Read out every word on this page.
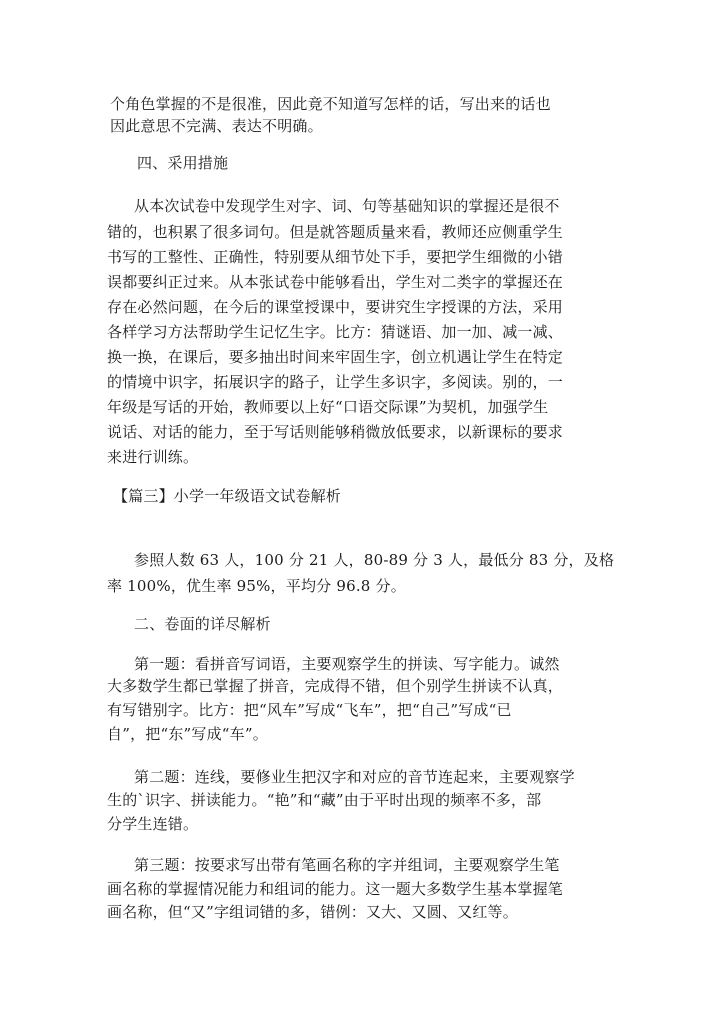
个角色掌握的不是很准，因此竟不知道写怎样的话，写出来的话也
因此意思不完满、表达不明确。
四、采用措施
从本次试卷中发现学生对字、词、句等基础知识的掌握还是很不
错的，也积累了很多词句。但是就答题质量来看，教师还应侧重学生
书写的工整性、正确性，特别要从细节处下手，要把学生细微的小错
误都要纠正过来。从本张试卷中能够看出，学生对二类字的掌握还在
存在必然问题，在今后的课堂授课中，要讲究生字授课的方法，采用
各样学习方法帮助学生记忆生字。比方：猜谜语、加一加、减一减、
换一换，在课后，要多抽出时间来牢固生字，创立机遇让学生在特定
的情境中识字，拓展识字的路子，让学生多识字，多阅读。别的，一
年级是写话的开始，教师要以上好“口语交际课”为契机，加强学生
说话、对话的能力，至于写话则能够稍微放低要求，以新课标的要求
来进行训练。
【篇三】小学一年级语文试卷解析
参照人数 63 人，100 分 21 人，80-89 分 3 人，最低分 83 分，及格
率 100%，优生率 95%，平均分 96.8 分。
二、卷面的详尽解析
第一题：看拼音写词语，主要观察学生的拼读、写字能力。诚然
大多数学生都已掌握了拼音，完成得不错，但个别学生拼读不认真，
有写错别字。比方：把“风车”写成“飞车”，把“自己”写成“已
自”，把“东”写成“车”。
第二题：连线，要修业生把汉字和对应的音节连起来，主要观察学
生的`识字、拼读能力。“艳”和“藏”由于平时出现的频率不多，部
分学生连错。
第三题：按要求写出带有笔画名称的字并组词，主要观察学生笔
画名称的掌握情况能力和组词的能力。这一题大多数学生基本掌握笔
画名称，但“又”字组词错的多，错例：又大、又圆、又红等。
